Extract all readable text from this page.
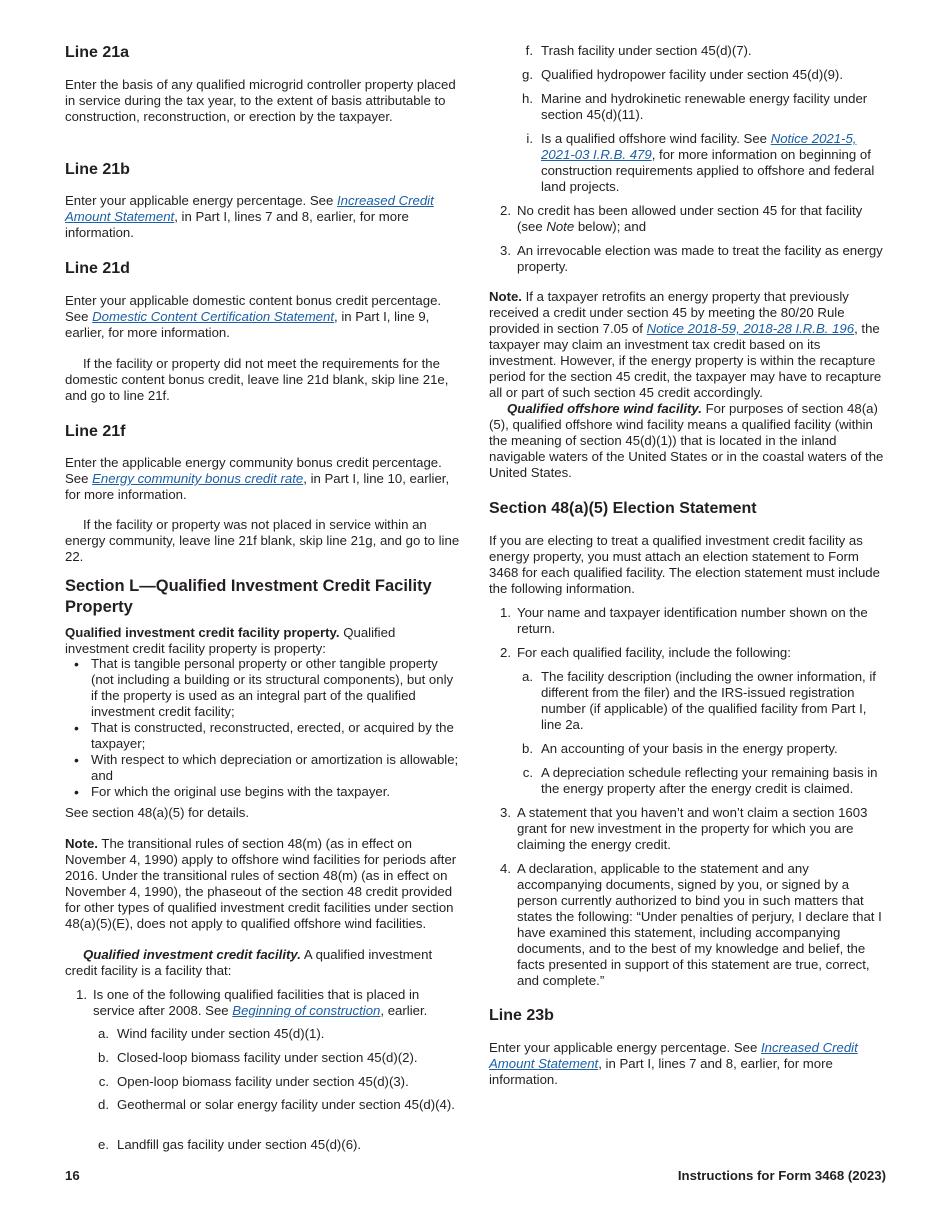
Line 21a

Enter the basis of any qualified microgrid controller property placed in service during the tax year, to the extent of basis attributable to construction, reconstruction, or erection by the taxpayer.

Line 21b

Enter your applicable energy percentage. See Increased Credit Amount Statement, in Part I, lines 7 and 8, earlier, for more information.

Line 21d

Enter your applicable domestic content bonus credit percentage. See Domestic Content Certification Statement, in Part I, line 9, earlier, for more information.

If the facility or property did not meet the requirements for the domestic content bonus credit, leave line 21d blank, skip line 21e, and go to line 21f.

Line 21f

Enter the applicable energy community bonus credit percentage. See Energy community bonus credit rate, in Part I, line 10, earlier, for more information.

If the facility or property was not placed in service within an energy community, leave line 21f blank, skip line 21g, and go to line 22.

Section L—Qualified Investment Credit Facility Property

Qualified investment credit facility property. Qualified investment credit facility property is property:

• That is tangible personal property or other tangible property (not including a building or its structural components), but only if the property is used as an integral part of the qualified investment credit facility;
• That is constructed, reconstructed, erected, or acquired by the taxpayer;
• With respect to which depreciation or amortization is allowable; and
• For which the original use begins with the taxpayer.

See section 48(a)(5) for details.

Note. The transitional rules of section 48(m) (as in effect on November 4, 1990) apply to offshore wind facilities for periods after 2016. Under the transitional rules of section 48(m) (as in effect on November 4, 1990), the phaseout of the section 48 credit provided for other types of qualified investment credit facilities under section 48(a)(5)(E), does not apply to qualified offshore wind facilities.

Qualified investment credit facility. A qualified investment credit facility is a facility that:

1. Is one of the following qualified facilities that is placed in service after 2008. See Beginning of construction, earlier.
a. Wind facility under section 45(d)(1).
b. Closed-loop biomass facility under section 45(d)(2).
c. Open-loop biomass facility under section 45(d)(3).
d. Geothermal or solar energy facility under section 45(d)(4).
e. Landfill gas facility under section 45(d)(6).
f. Trash facility under section 45(d)(7).
g. Qualified hydropower facility under section 45(d)(9).
h. Marine and hydrokinetic renewable energy facility under section 45(d)(11).
i. Is a qualified offshore wind facility. See Notice 2021-5, 2021-03 I.R.B. 479, for more information on beginning of construction requirements applied to offshore and federal land projects.
2. No credit has been allowed under section 45 for that facility (see Note below); and
3. An irrevocable election was made to treat the facility as energy property.

Note. If a taxpayer retrofits an energy property that previously received a credit under section 45 by meeting the 80/20 Rule provided in section 7.05 of Notice 2018-59, 2018-28 I.R.B. 196, the taxpayer may claim an investment tax credit based on its investment. However, if the energy property is within the recapture period for the section 45 credit, the taxpayer may have to recapture all or part of such section 45 credit accordingly.

Qualified offshore wind facility. For purposes of section 48(a)(5), qualified offshore wind facility means a qualified facility (within the meaning of section 45(d)(1)) that is located in the inland navigable waters of the United States or in the coastal waters of the United States.

Section 48(a)(5) Election Statement

If you are electing to treat a qualified investment credit facility as energy property, you must attach an election statement to Form 3468 for each qualified facility. The election statement must include the following information.

1. Your name and taxpayer identification number shown on the return.
2. For each qualified facility, include the following:
a. The facility description (including the owner information, if different from the filer) and the IRS-issued registration number (if applicable) of the qualified facility from Part I, line 2a.
b. An accounting of your basis in the energy property.
c. A depreciation schedule reflecting your remaining basis in the energy property after the energy credit is claimed.
3. A statement that you haven’t and won’t claim a section 1603 grant for new investment in the property for which you are claiming the energy credit.
4. A declaration, applicable to the statement and any accompanying documents, signed by you, or signed by a person currently authorized to bind you in such matters that states the following: “Under penalties of perjury, I declare that I have examined this statement, including accompanying documents, and to the best of my knowledge and belief, the facts presented in support of this statement are true, correct, and complete.”
Line 23b

Enter your applicable energy percentage. See Increased Credit Amount Statement, in Part I, lines 7 and 8, earlier, for more information.

16	Instructions for Form 3468 (2023)
